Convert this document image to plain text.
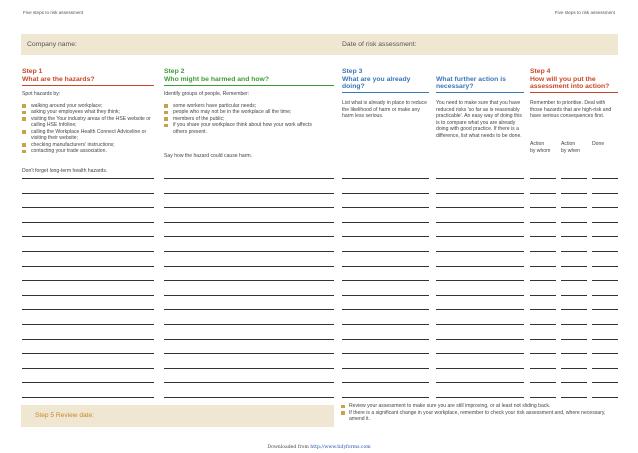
Five steps to risk assessment	Five steps to risk assessment
Company name:	Date of risk assessment:
Step 1
What are the hazards?

Spot hazards by:

walking around your workplace;
asking your employees what they think;
visiting the Your industry areas of the HSE website or calling HSE Infoline;
calling the Workplace Health Connect Adviceline or visiting their website;
checking manufacturers' instructions;
contacting your trade association.
Don't forget long-term health hazards.
Step 2
Who might be harmed and how?

Identify groups of people. Remember:

some workers have particular needs;
people who may not be in the workplace all the time;
members of the public;
if you share your workplace think about how your work affects others present.
Say how the hazard could cause harm.
Step 3
What are you already doing?
List what is already in place to reduce the likelihood of harm or make any harm less serious.
What further action is necessary?
You need to make sure that you have reduced risks 'so far as is reasonably practicable'. An easy way of doing this is to compare what you are already doing with good practice. If there is a difference, list what needs to be done.
Step 4
How will you put the assessment into action?
Remember to prioritise. Deal with those hazards that are high-risk and have serious consequences first.
Action
by whom
Action
by when
Done
Step 5 Review date:
Review your assessment to make sure you are still improving, or at least not sliding back.
If there is a significant change in your workplace, remember to check your risk assessment and, where necessary, amend it.
Downloaded from http://www.tidyforms.com
